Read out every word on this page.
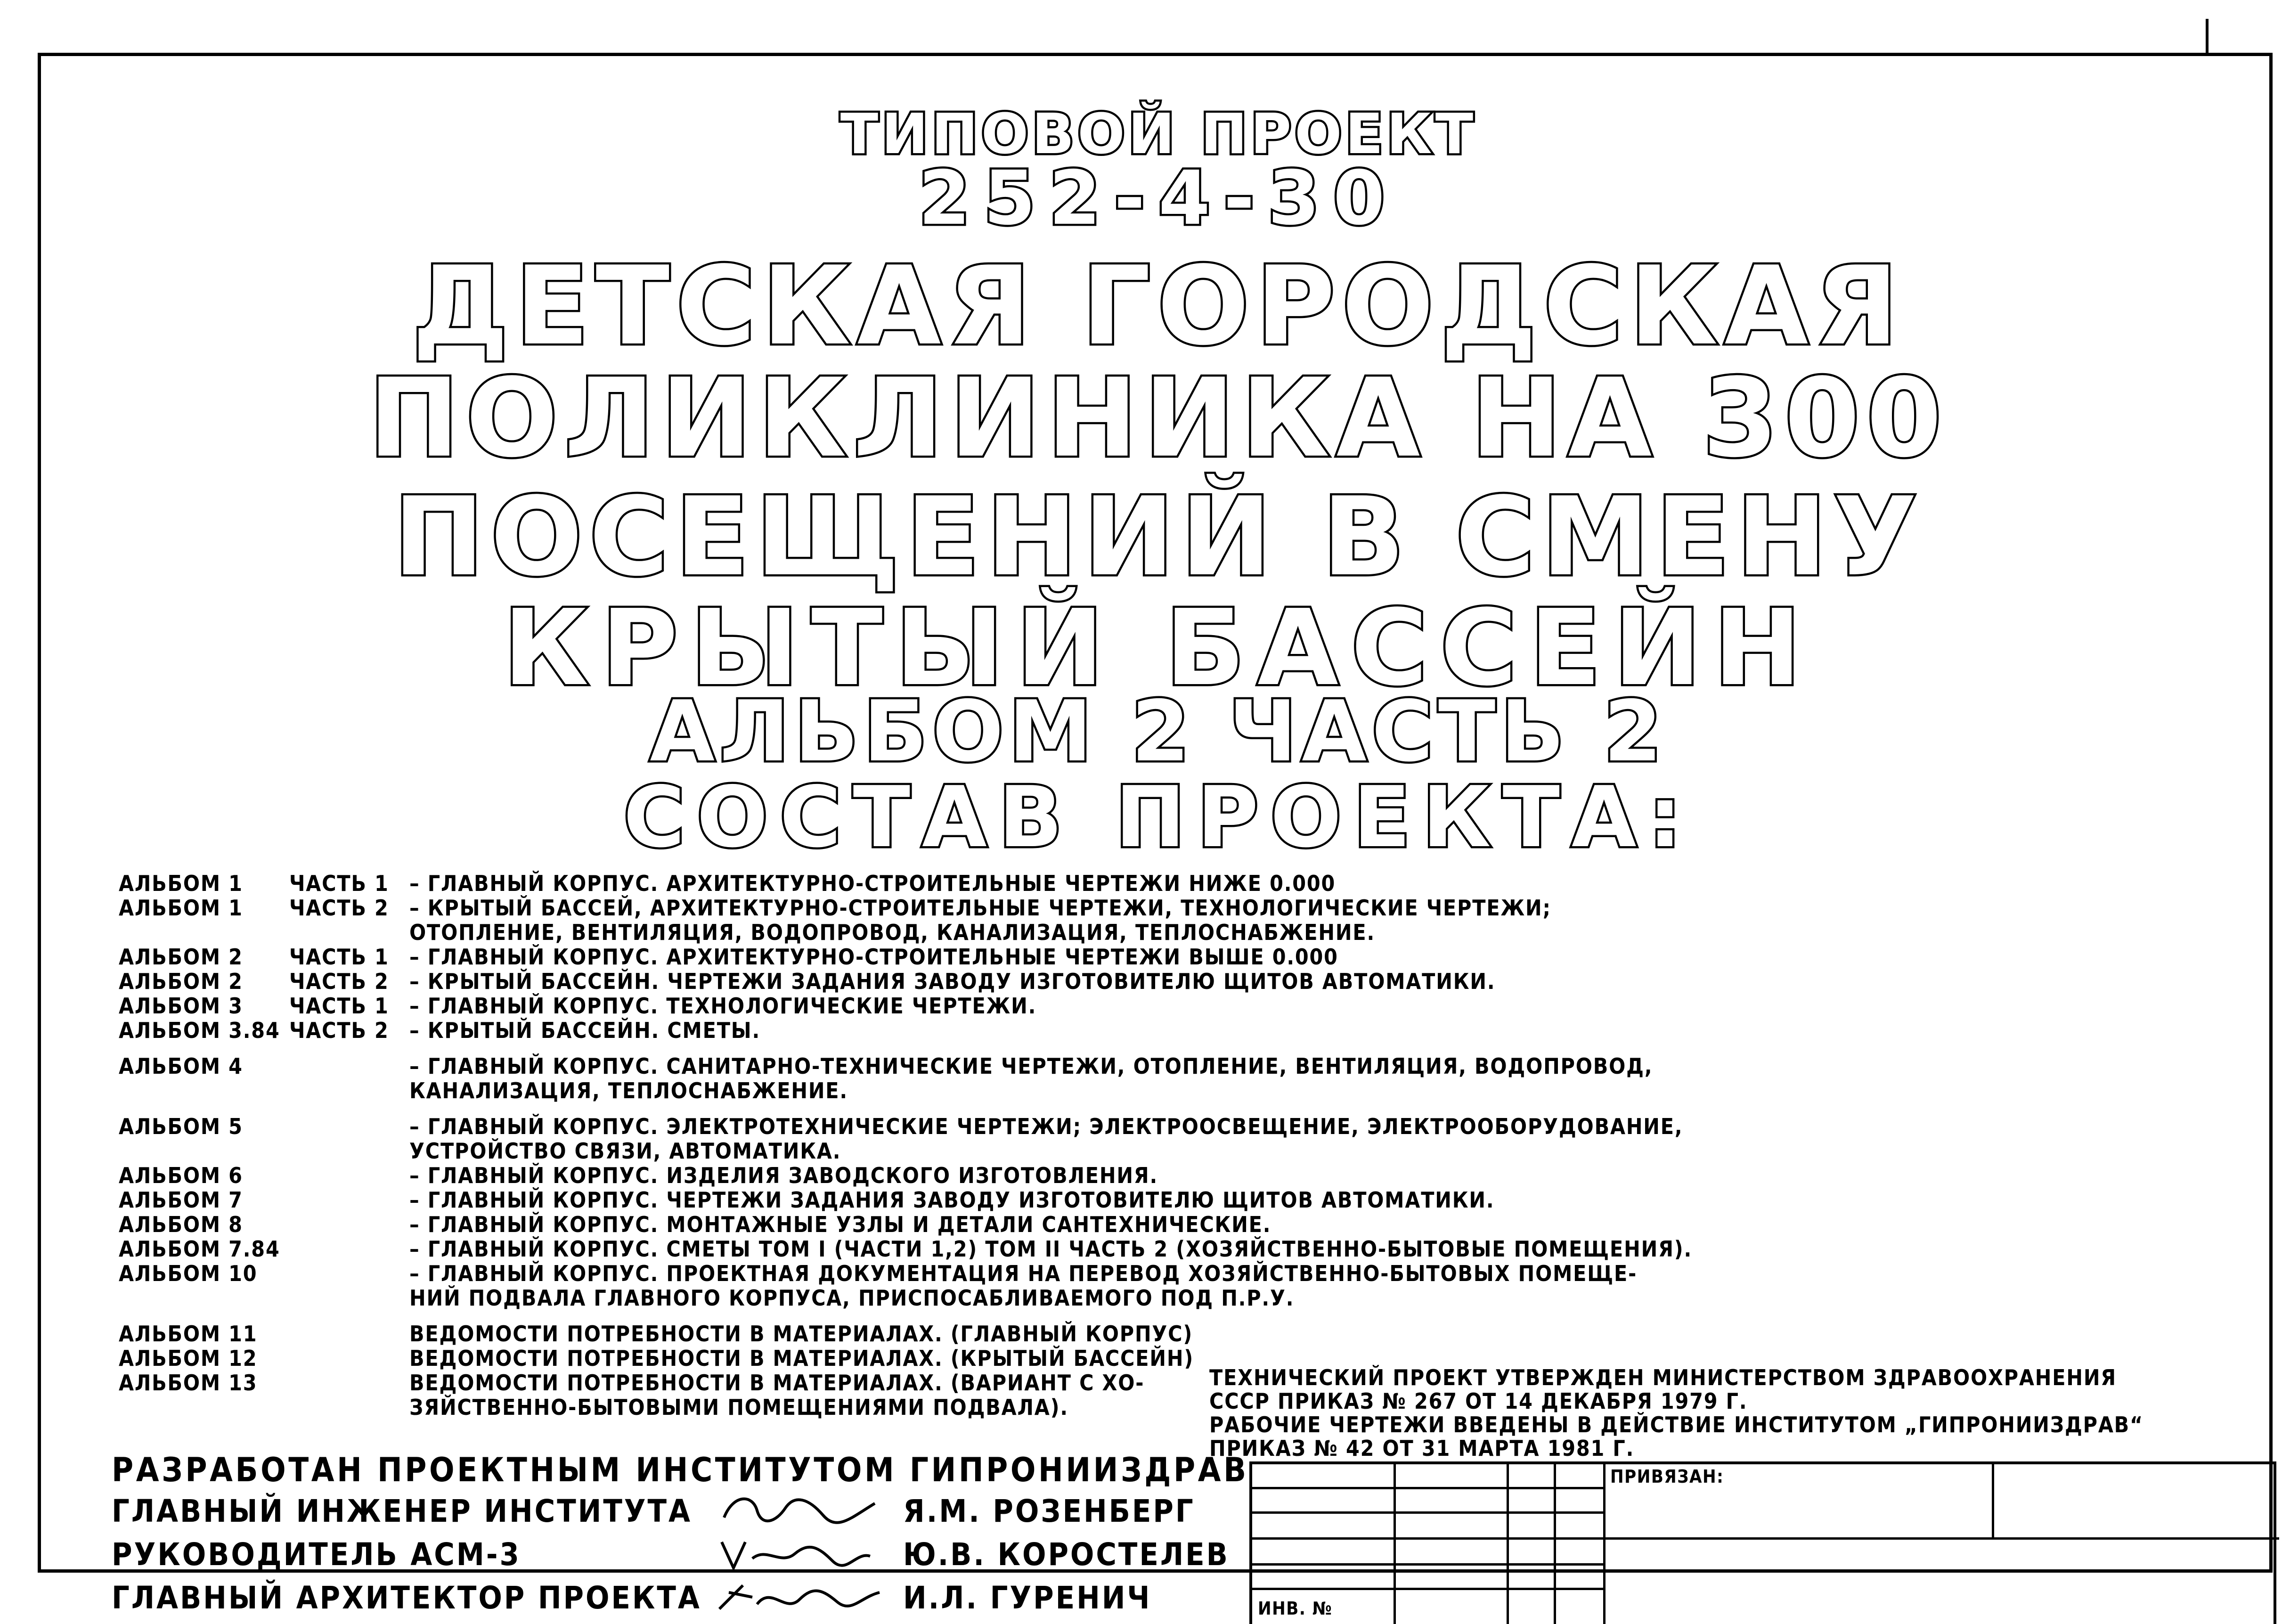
ТИПОВОЙ ПРОЕКТ
252-4-30
ДЕТСКАЯ ГОРОДСКАЯ
ПОЛИКЛИНИКА НА 300
ПОСЕЩЕНИЙ В СМЕНУ
КРЫТЫЙ БАССЕЙН
АЛЬБОМ 2 ЧАСТЬ 2
СОСТАВ ПРОЕКТА:
АЛЬБОМ 1	ЧАСТЬ 1 – ГЛАВНЫЙ КОРПУС. АРХИТЕКТУРНО-СТРОИТЕЛЬНЫЕ ЧЕРТЕЖИ НИЖЕ 0.000
АЛЬБОМ 1	ЧАСТЬ 2 – КРЫТЫЙ БАССЕЙ, АРХИТЕКТУРНО-СТРОИТЕЛЬНЫЕ ЧЕРТЕЖИ, ТЕХНОЛОГИЧЕСКИЕ ЧЕРТЕЖИ;
ОТОПЛЕНИЕ, ВЕНТИЛЯЦИЯ, ВОДОПРОВОД, КАНАЛИЗАЦИЯ, ТЕПЛОСНАБЖЕНИЕ.
АЛЬБОМ 2	ЧАСТЬ 1 – ГЛАВНЫЙ КОРПУС. АРХИТЕКТУРНО-СТРОИТЕЛЬНЫЕ ЧЕРТЕЖИ ВЫШЕ 0.000
АЛЬБОМ 2	ЧАСТЬ 2 – КРЫТЫЙ БАССЕЙН. ЧЕРТЕЖИ ЗАДАНИЯ ЗАВОДУ ИЗГОТОВИТЕЛЮ ЩИТОВ АВТОМАТИКИ.
АЛЬБОМ 3	ЧАСТЬ 1 – ГЛАВНЫЙ КОРПУС. ТЕХНОЛОГИЧЕСКИЕ ЧЕРТЕЖИ.
АЛЬБОМ 3.84 ЧАСТЬ 2 – КРЫТЫЙ БАССЕЙН. СМЕТЫ.
АЛЬБОМ 4	– ГЛАВНЫЙ КОРПУС. САНИТАРНО-ТЕХНИЧЕСКИЕ ЧЕРТЕЖИ, ОТОПЛЕНИЕ, ВЕНТИЛЯЦИЯ, ВОДОПРОВОД,
КАНАЛИЗАЦИЯ, ТЕПЛОСНАБЖЕНИЕ.
АЛЬБОМ 5	– ГЛАВНЫЙ КОРПУС. ЭЛЕКТРОТЕХНИЧЕСКИЕ ЧЕРТЕЖИ; ЭЛЕКТРООСВЕЩЕНИЕ, ЭЛЕКТРООБОРУДОВАНИЕ,
УСТРОЙСТВО СВЯЗИ, АВТОМАТИКА.
АЛЬБОМ 6	– ГЛАВНЫЙ КОРПУС. ИЗДЕЛИЯ ЗАВОДСКОГО ИЗГОТОВЛЕНИЯ.
АЛЬБОМ 7	– ГЛАВНЫЙ КОРПУС. ЧЕРТЕЖИ ЗАДАНИЯ ЗАВОДУ ИЗГОТОВИТЕЛЮ ЩИТОВ АВТОМАТИКИ.
АЛЬБОМ 8	– ГЛАВНЫЙ КОРПУС. МОНТАЖНЫЕ УЗЛЫ И ДЕТАЛИ САНТЕХНИЧЕСКИЕ.
АЛЬБОМ 7.84	– ГЛАВНЫЙ КОРПУС. СМЕТЫ ТОМ I (ЧАСТИ 1,2) ТОМ II ЧАСТЬ 2 (ХОЗЯЙСТВЕННО-БЫТОВЫЕ ПОМЕЩЕНИЯ).
АЛЬБОМ 10	– ГЛАВНЫЙ КОРПУС. ПРОЕКТНАЯ ДОКУМЕНТАЦИЯ НА ПЕРЕВОД ХОЗЯЙСТВЕННО-БЫТОВЫХ ПОМЕЩЕ-
НИЙ ПОДВАЛА ГЛАВНОГО КОРПУСА, ПРИСПОСАБЛИВАЕМОГО ПОД П.Р.У.
АЛЬБОМ 11	ВЕДОМОСТИ ПОТРЕБНОСТИ В МАТЕРИАЛАХ. (ГЛАВНЫЙ КОРПУС)
АЛЬБОМ 12	ВЕДОМОСТИ ПОТРЕБНОСТИ В МАТЕРИАЛАХ. (КРЫТЫЙ БАССЕЙН)
АЛЬБОМ 13	ВЕДОМОСТИ ПОТРЕБНОСТИ В МАТЕРИАЛАХ. (ВАРИАНТ С ХО-
ЗЯЙСТВЕННО-БЫТОВЫМИ ПОМЕЩЕНИЯМИ ПОДВАЛА).
ТЕХНИЧЕСКИЙ ПРОЕКТ УТВЕРЖДЕН МИНИСТЕРСТВОМ ЗДРАВООХРАНЕНИЯ
СССР ПРИКАЗ № 267 ОТ 14 ДЕКАБРЯ 1979 Г.
РАБОЧИЕ ЧЕРТЕЖИ ВВЕДЕНЫ В ДЕЙСТВИЕ ИНСТИТУТОМ „ГИПРОНИИЗДРАВ“
ПРИКАЗ № 42 ОТ 31 МАРТА 1981 Г.
РАЗРАБОТАН ПРОЕКТНЫМ ИНСТИТУТОМ ГИПРОНИИЗДРАВ
ГЛАВНЫЙ ИНЖЕНЕР ИНСТИТУТА	Я.М. РОЗЕНБЕРГ
РУКОВОДИТЕЛЬ АСМ-3	Ю.В. КОРОСТЕЛЕВ
ГЛАВНЫЙ АРХИТЕКТОР ПРОЕКТА	И.Л. ГУРЕНИЧ
ПРИВЯЗАН:
ИНВ. №
